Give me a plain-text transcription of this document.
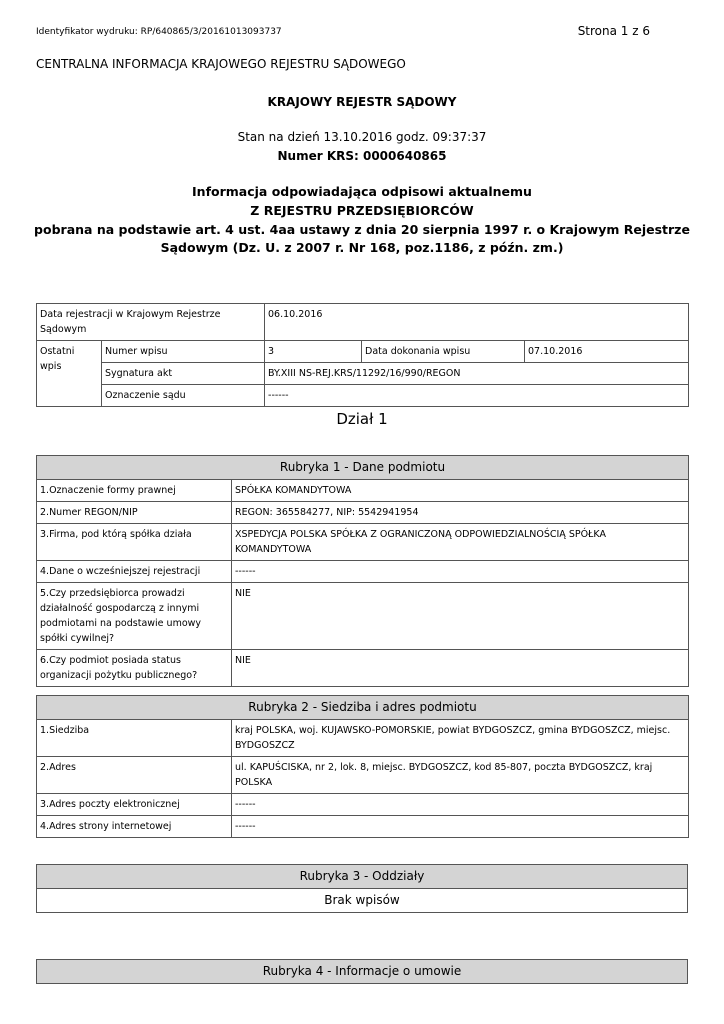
Identyfikator wydruku: RP/640865/3/20161013093737	Strona 1 z 6
CENTRALNA INFORMACJA KRAJOWEGO REJESTRU SĄDOWEGO
KRAJOWY REJESTR SĄDOWY
Stan na dzień 13.10.2016 godz. 09:37:37
Numer KRS: 0000640865
Informacja odpowiadająca odpisowi aktualnemu
Z REJESTRU PRZEDSIĘBIORCÓW
pobrana na podstawie art. 4 ust. 4aa ustawy z dnia 20 sierpnia 1997 r. o Krajowym Rejestrze
Sądowym (Dz. U. z 2007 r. Nr 168, poz.1186, z późn. zm.)
Data rejestracji w Krajowym Rejestrze Sądowym		06.10.2016		
Ostatni wpis	Numer wpisu	3	Data dokonania wpisu	07.10.2016
	Sygnatura akt	BY.XIII NS-REJ.KRS/11292/16/990/REGON		
	Oznaczenie sądu	------		
Dział 1
Rubryka 1 - Dane podmiotu	
1.Oznaczenie formy prawnej	SPÓŁKA KOMANDYTOWA
2.Numer REGON/NIP	REGON: 365584277, NIP: 5542941954
3.Firma, pod którą spółka działa	XSPEDYCJA POLSKA SPÓŁKA Z OGRANICZONĄ ODPOWIEDZIALNOŚCIĄ SPÓŁKA KOMANDYTOWA
4.Dane o wcześniejszej rejestracji	------
5.Czy przedsiębiorca prowadzi działalność gospodarczą z innymi podmiotami na podstawie umowy spółki cywilnej?	NIE
6.Czy podmiot posiada status organizacji pożytku publicznego?	NIE
Rubryka 2 - Siedziba i adres podmiotu	
1.Siedziba	kraj POLSKA, woj. KUJAWSKO-POMORSKIE, powiat BYDGOSZCZ, gmina BYDGOSZCZ, miejsc. BYDGOSZCZ
2.Adres	ul. KAPUŚCISKA, nr 2, lok. 8, miejsc. BYDGOSZCZ, kod 85-807, poczta BYDGOSZCZ, kraj POLSKA
3.Adres poczty elektronicznej	------
4.Adres strony internetowej	------
Rubryka 3 - Oddziały
Brak wpisów
Rubryka 4 - Informacje o umowie
